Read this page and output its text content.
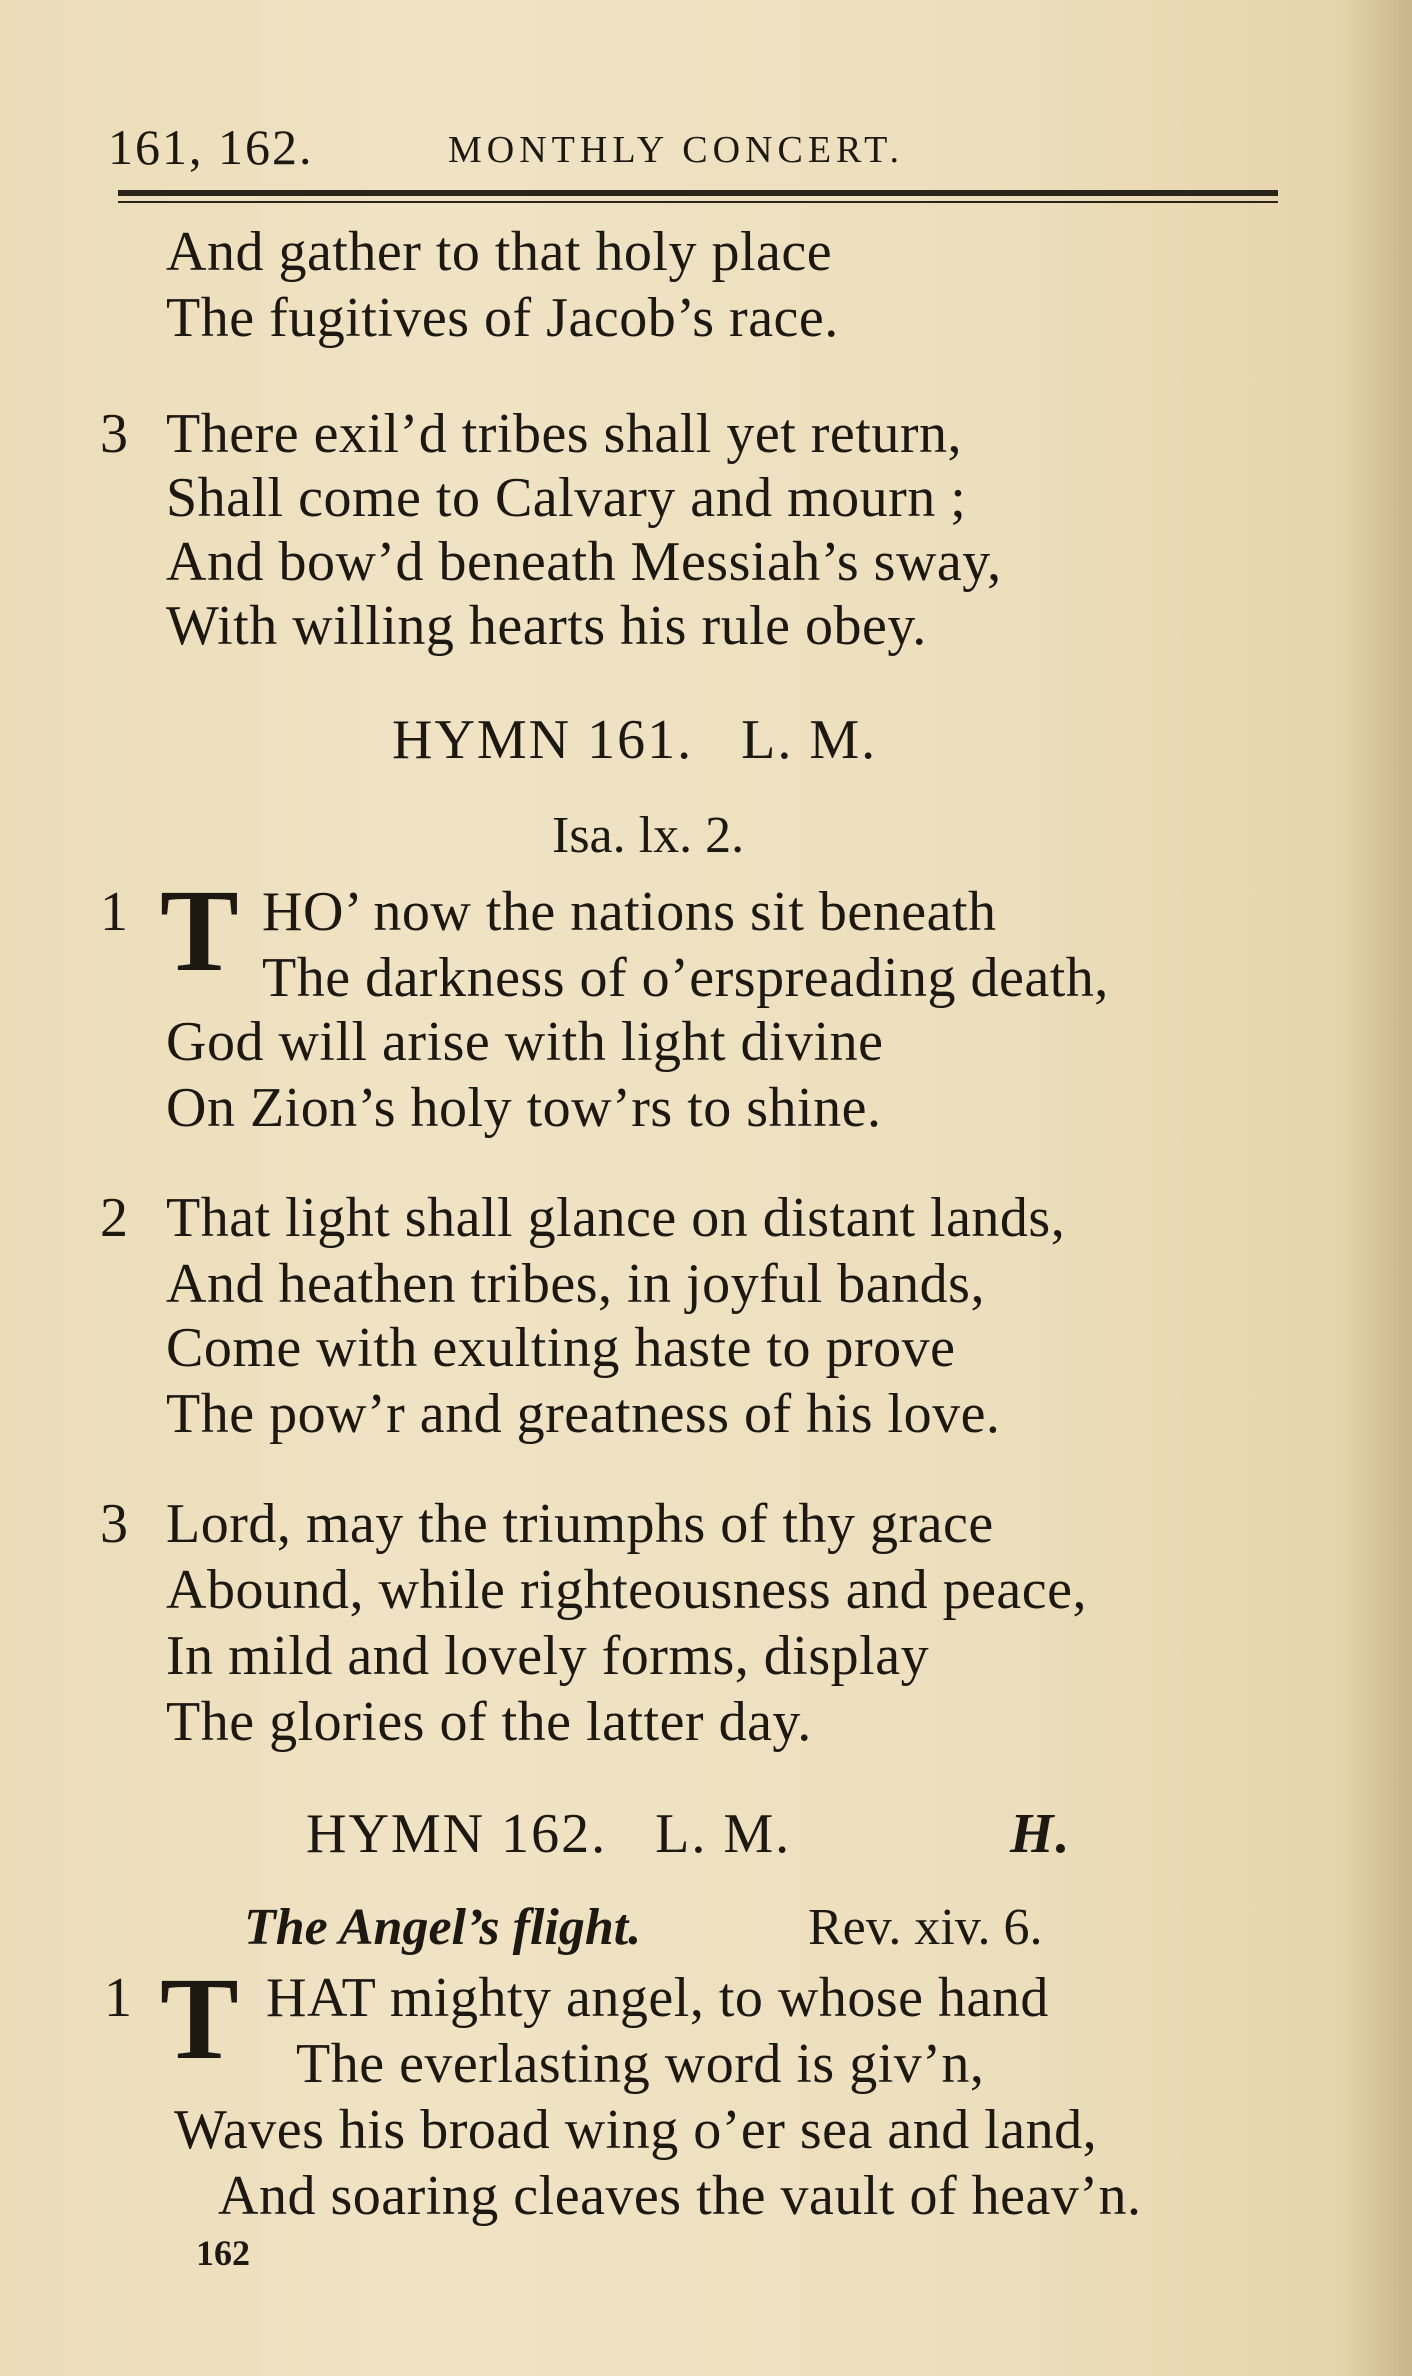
161, 162.	MONTHLY CONCERT.
And gather to that holy place
The fugitives of Jacob’s race.
3 There exil’d tribes shall yet return,
Shall come to Calvary and mourn ;
And bow’d beneath Messiah’s sway,
With willing hearts his rule obey.
HYMN 161.   L. M.
Isa. lx. 2.
1 T HO’ now the nations sit beneath
The darkness of o’erspreading death,
God will arise with light divine
On Zion’s holy tow’rs to shine.
2 That light shall glance on distant lands,
And heathen tribes, in joyful bands,
Come with exulting haste to prove
The pow’r and greatness of his love.
3 Lord, may the triumphs of thy grace
Abound, while righteousness and peace,
In mild and lovely forms, display
The glories of the latter day.
HYMN 162.   L. M.	H.
The Angel’s flight.	Rev. xiv. 6.
1 T HAT mighty angel, to whose hand
The everlasting word is giv’n,
Waves his broad wing o’er sea and land,
And soaring cleaves the vault of heav’n.
162
